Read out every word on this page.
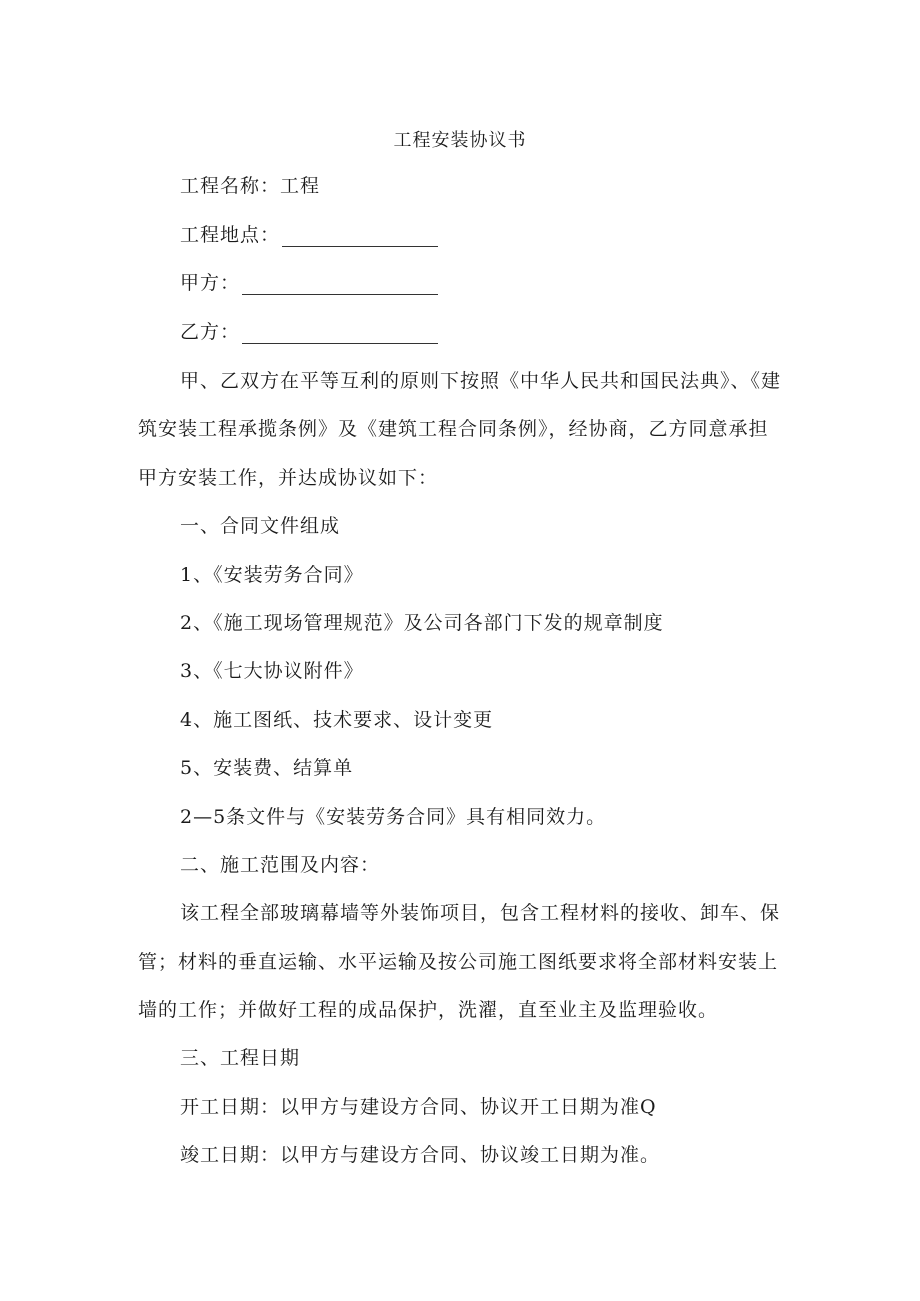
工程安装协议书
工程名称：工程
工程地点：
甲方：
乙方：
甲、乙双方在平等互利的原则下按照《中华人民共和国民法典》、《建
筑安装工程承揽条例》及《建筑工程合同条例》，经协商，乙方同意承担
甲方安装工作，并达成协议如下：
一、合同文件组成
1、《安装劳务合同》
2、《施工现场管理规范》及公司各部门下发的规章制度
3、《七大协议附件》
4、施工图纸、技术要求、设计变更
5、安装费、结算单
2—5条文件与《安装劳务合同》具有相同效力。
二、施工范围及内容：
该工程全部玻璃幕墙等外装饰项目，包含工程材料的接收、卸车、保
管；材料的垂直运输、水平运输及按公司施工图纸要求将全部材料安装上
墙的工作；并做好工程的成品保护，洗濯，直至业主及监理验收。
三、工程日期
开工日期：以甲方与建设方合同、协议开工日期为准Q
竣工日期：以甲方与建设方合同、协议竣工日期为准。
